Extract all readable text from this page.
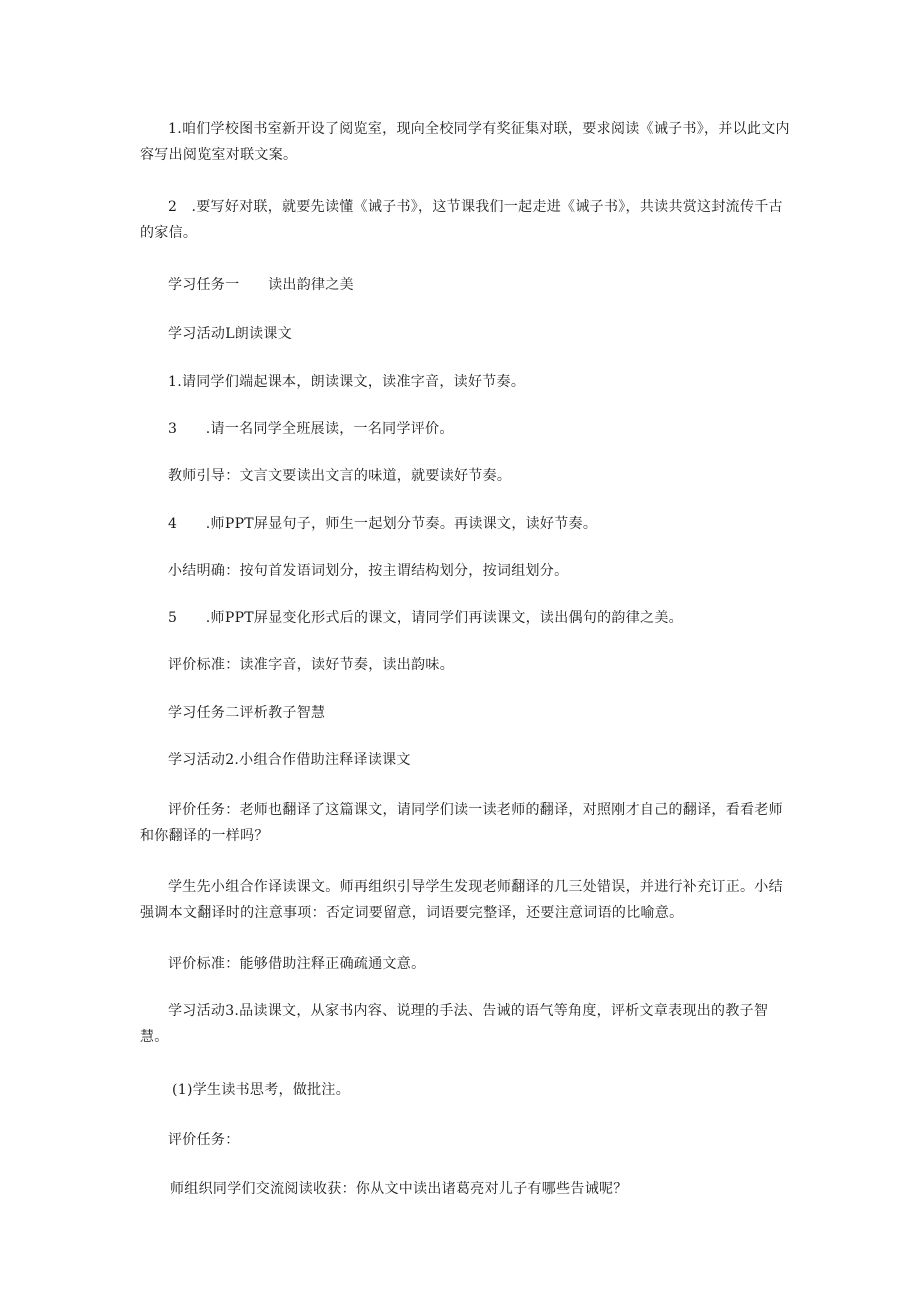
1.咱们学校图书室新开设了阅览室，现向全校同学有奖征集对联，要求阅读《诫子书》，并以此文内容写出阅览室对联文案。

2　.要写好对联，就要先读懂《诫子书》，这节课我们一起走进《诫子书》，共读共赏这封流传千古的家信。

学习任务一　　读出韵律之美

学习活动L朗读课文

1.请同学们端起课本，朗读课文，读准字音，读好节奏。

3　　.请一名同学全班展读，一名同学评价。

教师引导：文言文要读出文言的味道，就要读好节奏。

4　　.师PPT屏显句子，师生一起划分节奏。再读课文，读好节奏。

小结明确：按句首发语词划分，按主谓结构划分，按词组划分。

5　　.师PPT屏显变化形式后的课文，请同学们再读课文，读出偶句的韵律之美。

评价标准：读准字音，读好节奏，读出韵味。

学习任务二评析教子智慧

学习活动2.小组合作借助注释译读课文

评价任务：老师也翻译了这篇课文，请同学们读一读老师的翻译，对照刚才自己的翻译，看看老师和你翻译的一样吗？

学生先小组合作译读课文。师再组织引导学生发现老师翻译的几三处错误，并进行补充订正。小结强调本文翻译时的注意事项：否定词要留意，词语要完整译，还要注意词语的比喻意。

评价标准：能够借助注释正确疏通文意。

学习活动3.品读课文，从家书内容、说理的手法、告诫的语气等角度，评析文章表现出的教子智慧。

(1)学生读书思考，做批注。

评价任务：

师组织同学们交流阅读收获：你从文中读出诸葛亮对儿子有哪些告诫呢？
